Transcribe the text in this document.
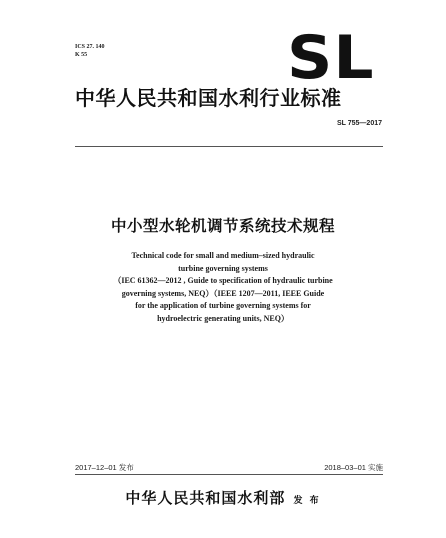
ICS 27. 140
K 55	SL
中华人民共和国水利行业标准
SL 755—2017
中小型水轮机调节系统技术规程
Technical code for small and medium–sized hydraulic
turbine governing systems
（IEC 61362—2012 , Guide to specification of hydraulic turbine
governing systems, NEQ）（IEEE 1207—2011, IEEE Guide
for the application of turbine governing systems for
hydroelectric generating units, NEQ）
2017–12–01 发布	2018–03–01 实施
中华人民共和国水利部 发 布
